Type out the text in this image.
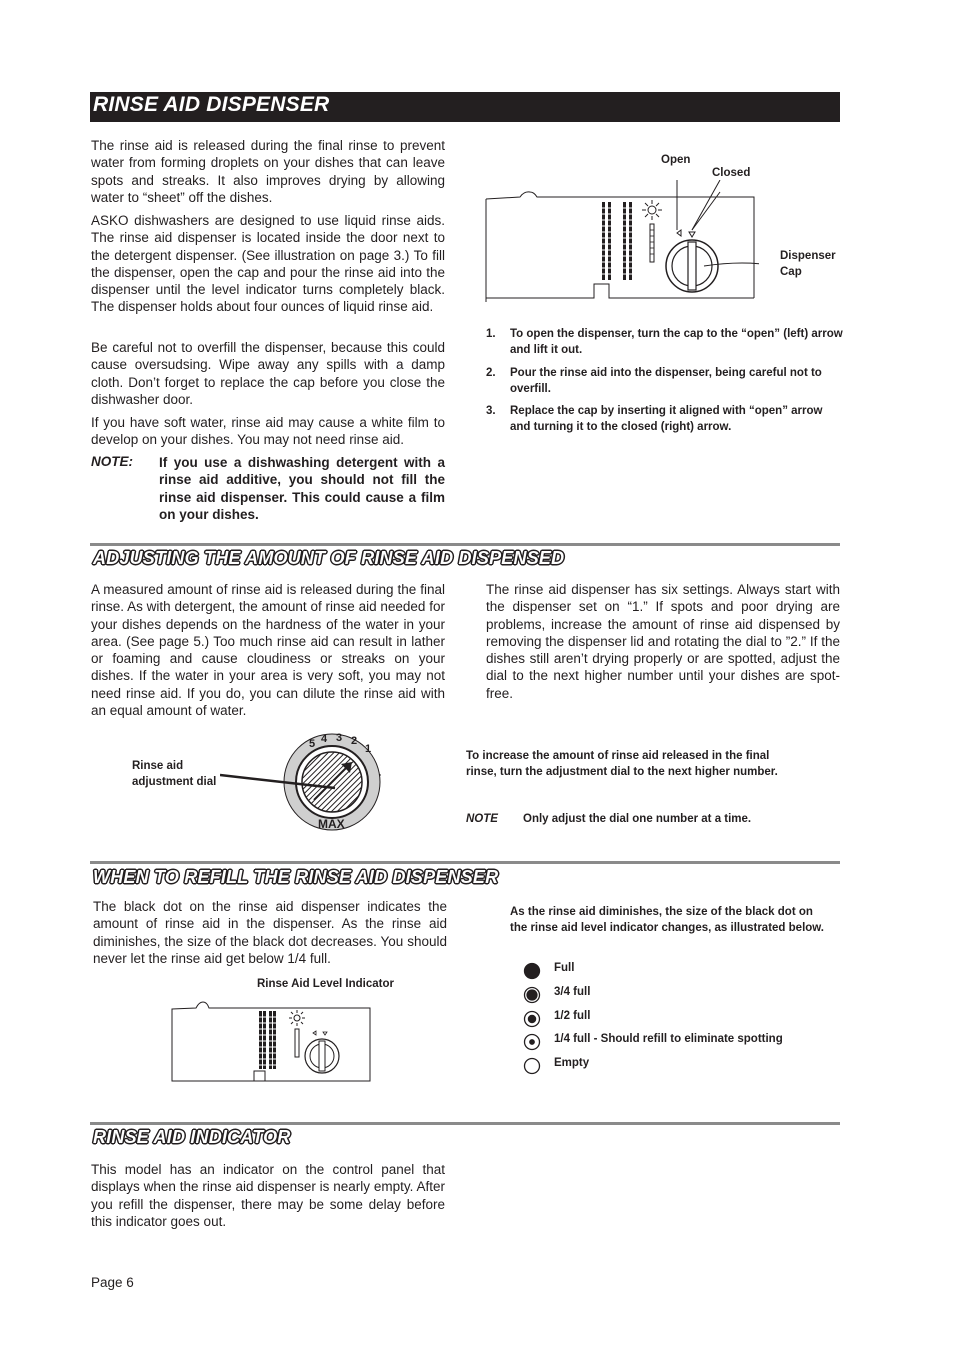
RINSE AID DISPENSER

The rinse aid is released during the final rinse to prevent water from forming droplets on your dishes that can leave spots and streaks. It also improves drying by allowing water to “sheet” off the dishes.

ASKO dishwashers are designed to use liquid rinse aids. The rinse aid dispenser is located inside the door next to the detergent dispenser. (See illustration on page 3.) To fill the dispenser, open the cap and pour the rinse aid into the dispenser until the level indicator turns completely black. The dispenser holds about four ounces of liquid rinse aid.

Be careful not to overfill the dispenser, because this could cause oversudsing. Wipe away any spills with a damp cloth. Don’t forget to replace the cap before you close the dishwasher door.

If you have soft water, rinse aid may cause a white film to develop on your dishes. You may not need rinse aid.

NOTE: If you use a dishwashing detergent with a rinse aid additive, you should not fill the rinse aid dispenser. This could cause a film on your dishes.

Open
Closed
Dispenser Cap
1. To open the dispenser, turn the cap to the “open” (left) arrow and lift it out.
2. Pour the rinse aid into the dispenser, being careful not to overfill.
3. Replace the cap by inserting it aligned with “open” arrow and turning it to the closed (right) arrow.
ADJUSTING THE AMOUNT OF RINSE AID DISPENSED

A measured amount of rinse aid is released during the final rinse. As with detergent, the amount of rinse aid needed for your dishes depends on the hardness of the water in your area. (See page 5.) Too much rinse aid can result in lather or foaming and cause cloudiness or streaks on your dishes. If the water in your area is very soft, you may not need rinse aid. If you do, you can dilute the rinse aid with an equal amount of water.

The rinse aid dispenser has six settings. Always start with the dispenser set on “1.” If spots and poor drying are problems, increase the amount of rinse aid dispensed by removing the dispenser lid and rotating the dial to ”2.” If the dishes still aren’t drying properly or are spotted, adjust the dial to the next higher number until your dishes are spot-free.

Rinse aid adjustment dial
5 4 3 2
1
MAX
To increase the amount of rinse aid released in the final rinse, turn the adjustment dial to the next higher number.
NOTE Only adjust the dial one number at a time.
WHEN TO REFILL THE RINSE AID DISPENSER

The black dot on the rinse aid dispenser indicates the amount of rinse aid in the dispenser. As the rinse aid diminishes, the size of the black dot decreases. You should never let the rinse aid get below 1/4 full.

Rinse Aid Level Indicator
As the rinse aid diminishes, the size of the black dot on the rinse aid level indicator changes, as illustrated below.
Full
3/4 full
1/2 full
1/4 full - Should refill to eliminate spotting
Empty
RINSE AID INDICATOR

This model has an indicator on the control panel that displays when the rinse aid dispenser is nearly empty. After you refill the dispenser, there may be some delay before this indicator goes out.

Page 6
